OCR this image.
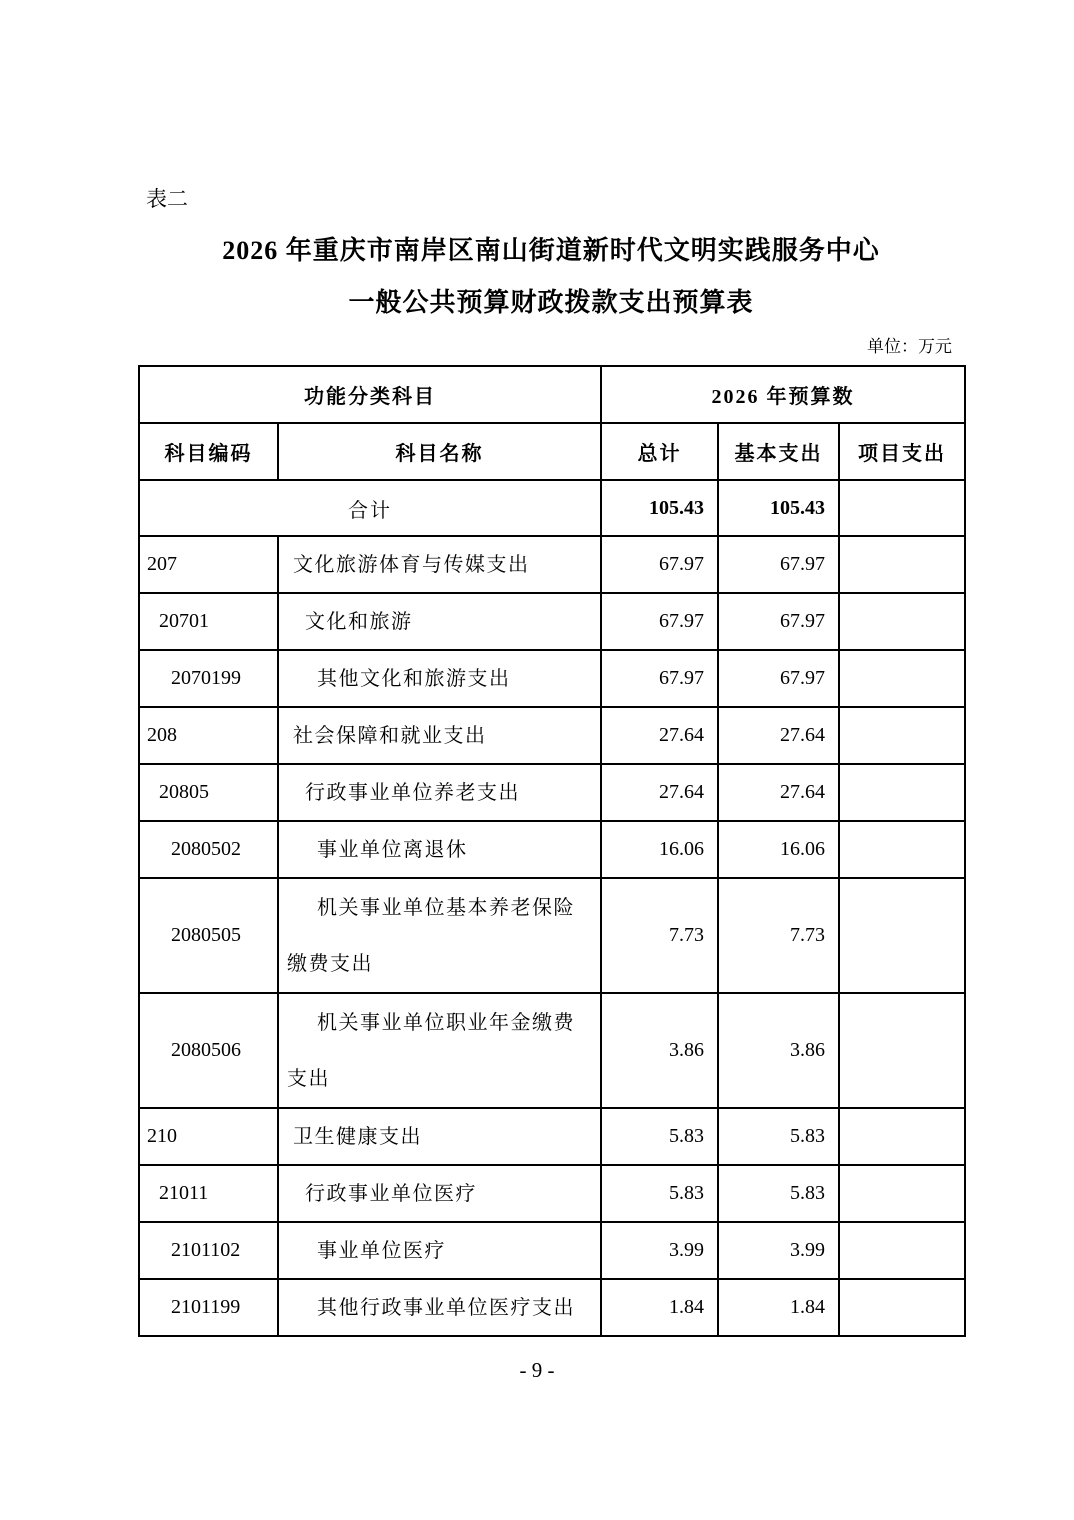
表二
2026 年重庆市南岸区南山街道新时代文明实践服务中心
一般公共预算财政拨款支出预算表
单位：万元
功能分类科目		2026 年预算数		
科目编码	科目名称	总计	基本支出	项目支出
合计		105.43	105.43	
207	文化旅游体育与传媒支出	67.97	67.97	
20701	文化和旅游	67.97	67.97	
2070199	其他文化和旅游支出	67.97	67.97	
208	社会保障和就业支出	27.64	27.64	
20805	行政事业单位养老支出	27.64	27.64	
2080502	事业单位离退休	16.06	16.06	
2080505	机关事业单位基本养老保险缴费支出	7.73	7.73	
2080506	机关事业单位职业年金缴费支出	3.86	3.86	
210	卫生健康支出	5.83	5.83	
21011	行政事业单位医疗	5.83	5.83	
2101102	事业单位医疗	3.99	3.99	
2101199	其他行政事业单位医疗支出	1.84	1.84	
- 9 -
